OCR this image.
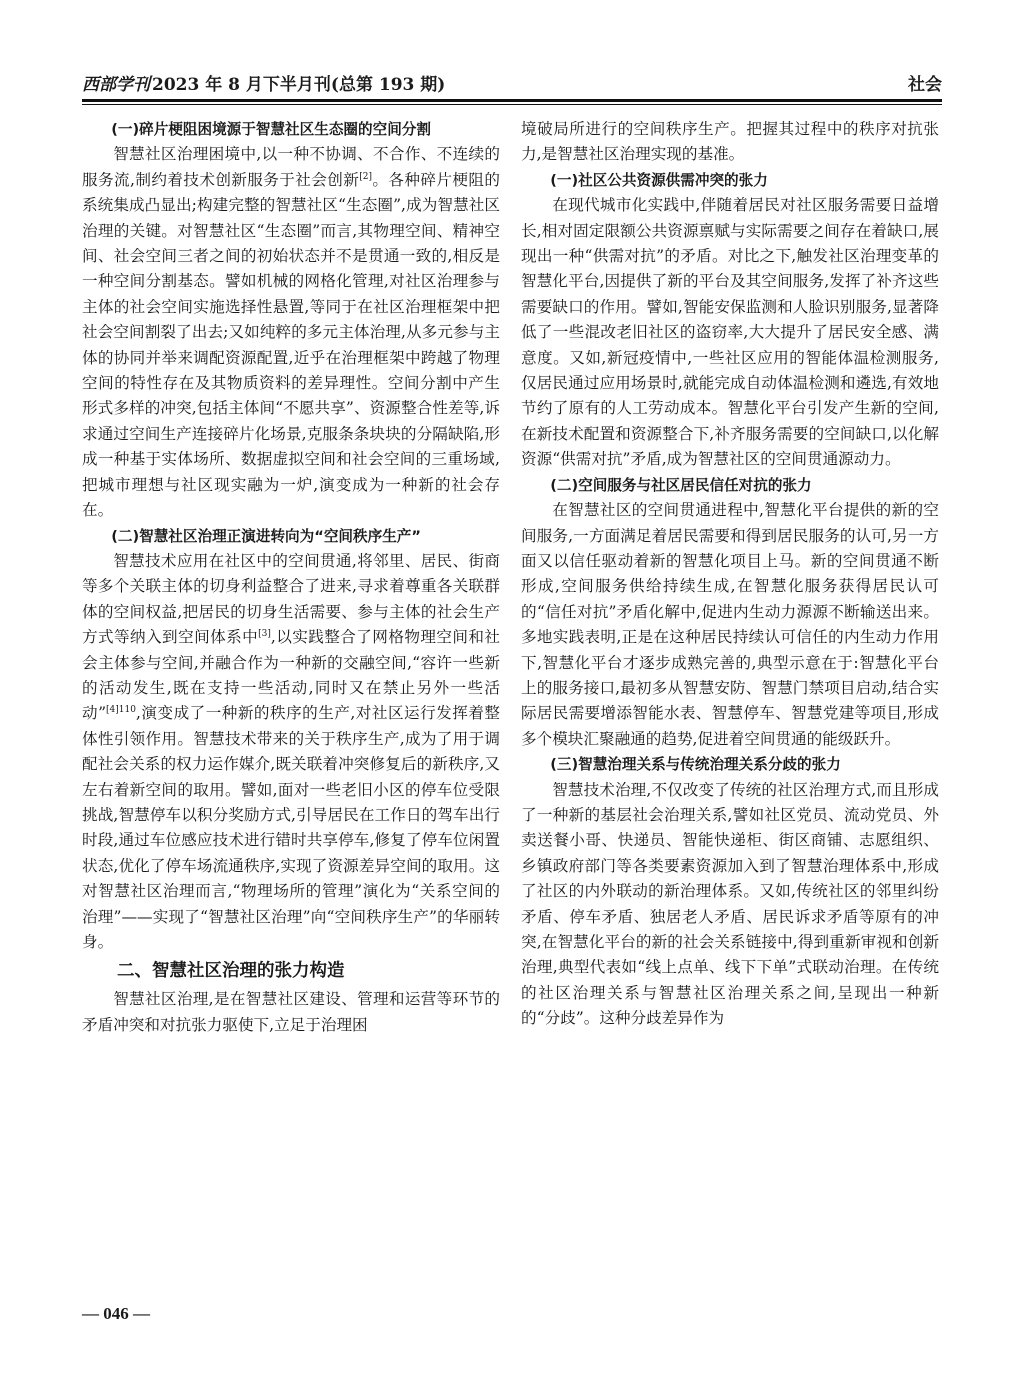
西部学刊 2023 年 8 月下半月刊(总第 193 期)	社会
(一)碎片梗阻困境源于智慧社区生态圈的空间分割

智慧社区治理困境中,以一种不协调、不合作、不连续的服务流,制约着技术创新服务于社会创新[2]。各种碎片梗阻的系统集成凸显出;构建完整的智慧社区“生态圈”,成为智慧社区治理的关键。对智慧社区“生态圈”而言,其物理空间、精神空间、社会空间三者之间的初始状态并不是贯通一致的,相反是一种空间分割基态。譬如机械的网格化管理,对社区治理参与主体的社会空间实施选择性悬置,等同于在社区治理框架中把社会空间割裂了出去;又如纯粹的多元主体治理,从多元参与主体的协同并举来调配资源配置,近乎在治理框架中跨越了物理空间的特性存在及其物质资料的差异理性。空间分割中产生形式多样的冲突,包括主体间“不愿共享”、资源整合性差等,诉求通过空间生产连接碎片化场景,克服条条块块的分隔缺陷,形成一种基于实体场所、数据虚拟空间和社会空间的三重场域,把城市理想与社区现实融为一炉,演变成为一种新的社会存在。

(二)智慧社区治理正演进转向为“空间秩序生产”

智慧技术应用在社区中的空间贯通,将邻里、居民、街商等多个关联主体的切身利益整合了进来,寻求着尊重各关联群体的空间权益,把居民的切身生活需要、参与主体的社会生产方式等纳入到空间体系中[3],以实践整合了网格物理空间和社会主体参与空间,并融合作为一种新的交融空间,“容许一些新的活动发生,既在支持一些活动,同时又在禁止另外一些活动”$^{[4]110}$,演变成了一种新的秩序的生产,对社区运行发挥着整体性引领作用。智慧技术带来的关于秩序生产,成为了用于调配社会关系的权力运作媒介,既关联着冲突修复后的新秩序,又左右着新空间的取用。譬如,面对一些老旧小区的停车位受限挑战,智慧停车以积分奖励方式,引导居民在工作日的驾车出行时段,通过车位感应技术进行错时共享停车,修复了停车位闲置状态,优化了停车场流通秩序,实现了资源差异空间的取用。这对智慧社区治理而言,“物理场所的管理”演化为“关系空间的治理”——实现了“智慧社区治理”向“空间秩序生产”的华丽转身。

二、智慧社区治理的张力构造

智慧社区治理,是在智慧社区建设、管理和运营等环节的矛盾冲突和对抗张力驱使下,立足于治理困

境破局所进行的空间秩序生产。把握其过程中的秩序对抗张力,是智慧社区治理实现的基准。

(一)社区公共资源供需冲突的张力

在现代城市化实践中,伴随着居民对社区服务需要日益增长,相对固定限额公共资源禀赋与实际需要之间存在着缺口,展现出一种“供需对抗”的矛盾。对比之下,触发社区治理变革的智慧化平台,因提供了新的平台及其空间服务,发挥了补齐这些需要缺口的作用。譬如,智能安保监测和人脸识别服务,显著降低了一些混改老旧社区的盗窃率,大大提升了居民安全感、满意度。又如,新冠疫情中,一些社区应用的智能体温检测服务,仅居民通过应用场景时,就能完成自动体温检测和遴选,有效地节约了原有的人工劳动成本。智慧化平台引发产生新的空间,在新技术配置和资源整合下,补齐服务需要的空间缺口,以化解资源“供需对抗”矛盾,成为智慧社区的空间贯通源动力。

(二)空间服务与社区居民信任对抗的张力

在智慧社区的空间贯通进程中,智慧化平台提供的新的空间服务,一方面满足着居民需要和得到居民服务的认可,另一方面又以信任驱动着新的智慧化项目上马。新的空间贯通不断形成,空间服务供给持续生成,在智慧化服务获得居民认可的“信任对抗”矛盾化解中,促进内生动力源源不断输送出来。多地实践表明,正是在这种居民持续认可信任的内生动力作用下,智慧化平台才逐步成熟完善的,典型示意在于:智慧化平台上的服务接口,最初多从智慧安防、智慧门禁项目启动,结合实际居民需要增添智能水表、智慧停车、智慧党建等项目,形成多个模块汇聚融通的趋势,促进着空间贯通的能级跃升。

(三)智慧治理关系与传统治理关系分歧的张力

智慧技术治理,不仅改变了传统的社区治理方式,而且形成了一种新的基层社会治理关系,譬如社区党员、流动党员、外卖送餐小哥、快递员、智能快递柜、街区商铺、志愿组织、乡镇政府部门等各类要素资源加入到了智慧治理体系中,形成了社区的内外联动的新治理体系。又如,传统社区的邻里纠纷矛盾、停车矛盾、独居老人矛盾、居民诉求矛盾等原有的冲突,在智慧化平台的新的社会关系链接中,得到重新审视和创新治理,典型代表如“线上点单、线下下单”式联动治理。在传统的社区治理关系与智慧社区治理关系之间,呈现出一种新的“分歧”。这种分歧差异作为

— 046 —
